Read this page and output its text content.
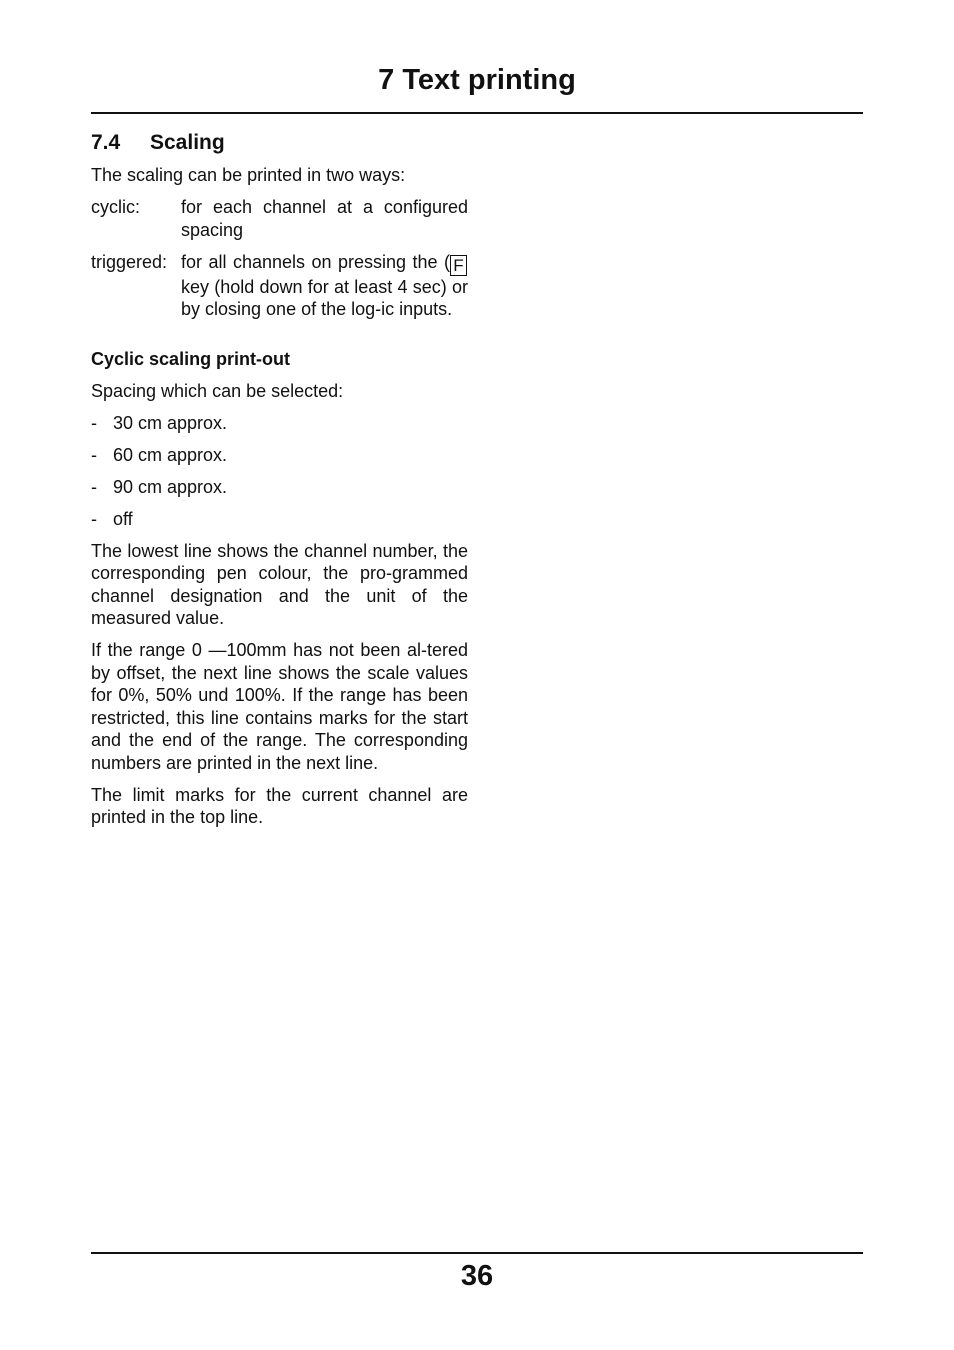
7 Text printing
7.4	Scaling

The scaling can be printed in two ways:

cyclic:	for each channel at a configured spacing
triggered: for all channels on pressing the ( F key (hold down for at least 4 sec) or by closing one of the log-ic inputs.
Cyclic scaling print-out

Spacing which can be selected:

- 30 cm approx.
- 60 cm approx.
- 90 cm approx.
- off

The lowest line shows the channel number, the corresponding pen colour, the pro-grammed channel designation and the unit of the measured value.

If the range 0 —100mm has not been al-tered by offset, the next line shows the scale values for 0%, 50% und 100%. If the range has been restricted, this line contains marks for the start and the end of the range. The corresponding numbers are printed in the next line.

The limit marks for the current channel are printed in the top line.

36
